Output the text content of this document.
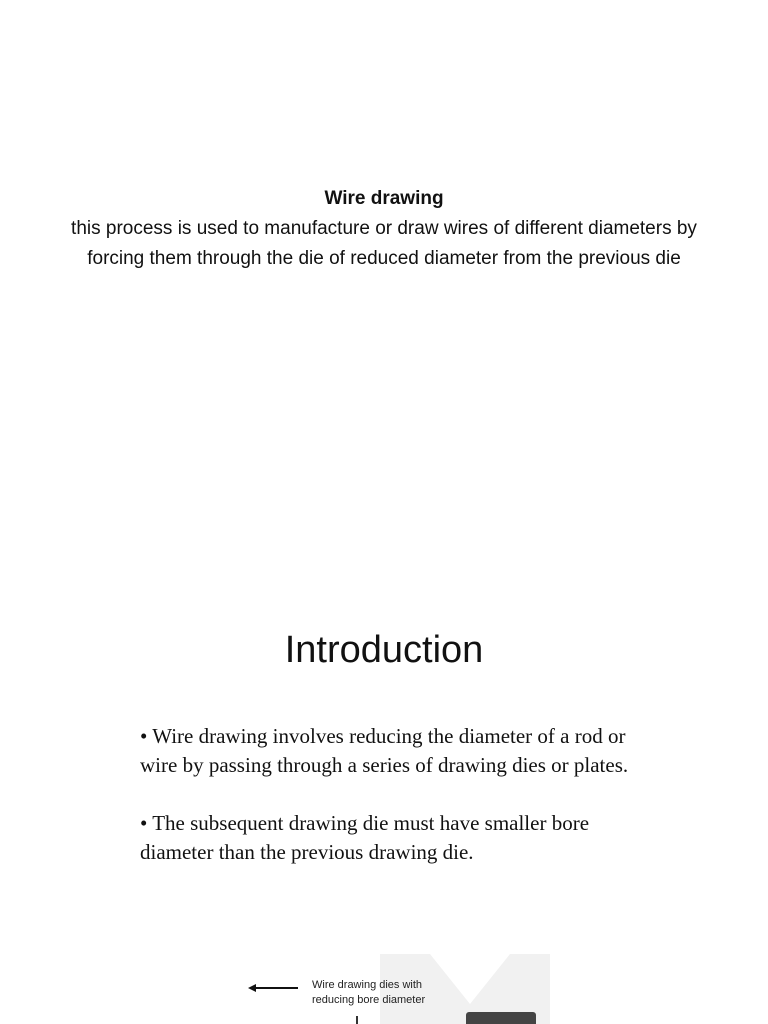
Wire drawing
this process is used to manufacture or draw wires of different diameters by forcing them through the die of reduced diameter from the previous die
Introduction

• Wire drawing involves reducing the diameter of a rod or wire by passing through a series of drawing dies or plates.

• The subsequent drawing die must have smaller bore diameter than the previous drawing die.

Wire drawing dies with
reducing bore diameter
